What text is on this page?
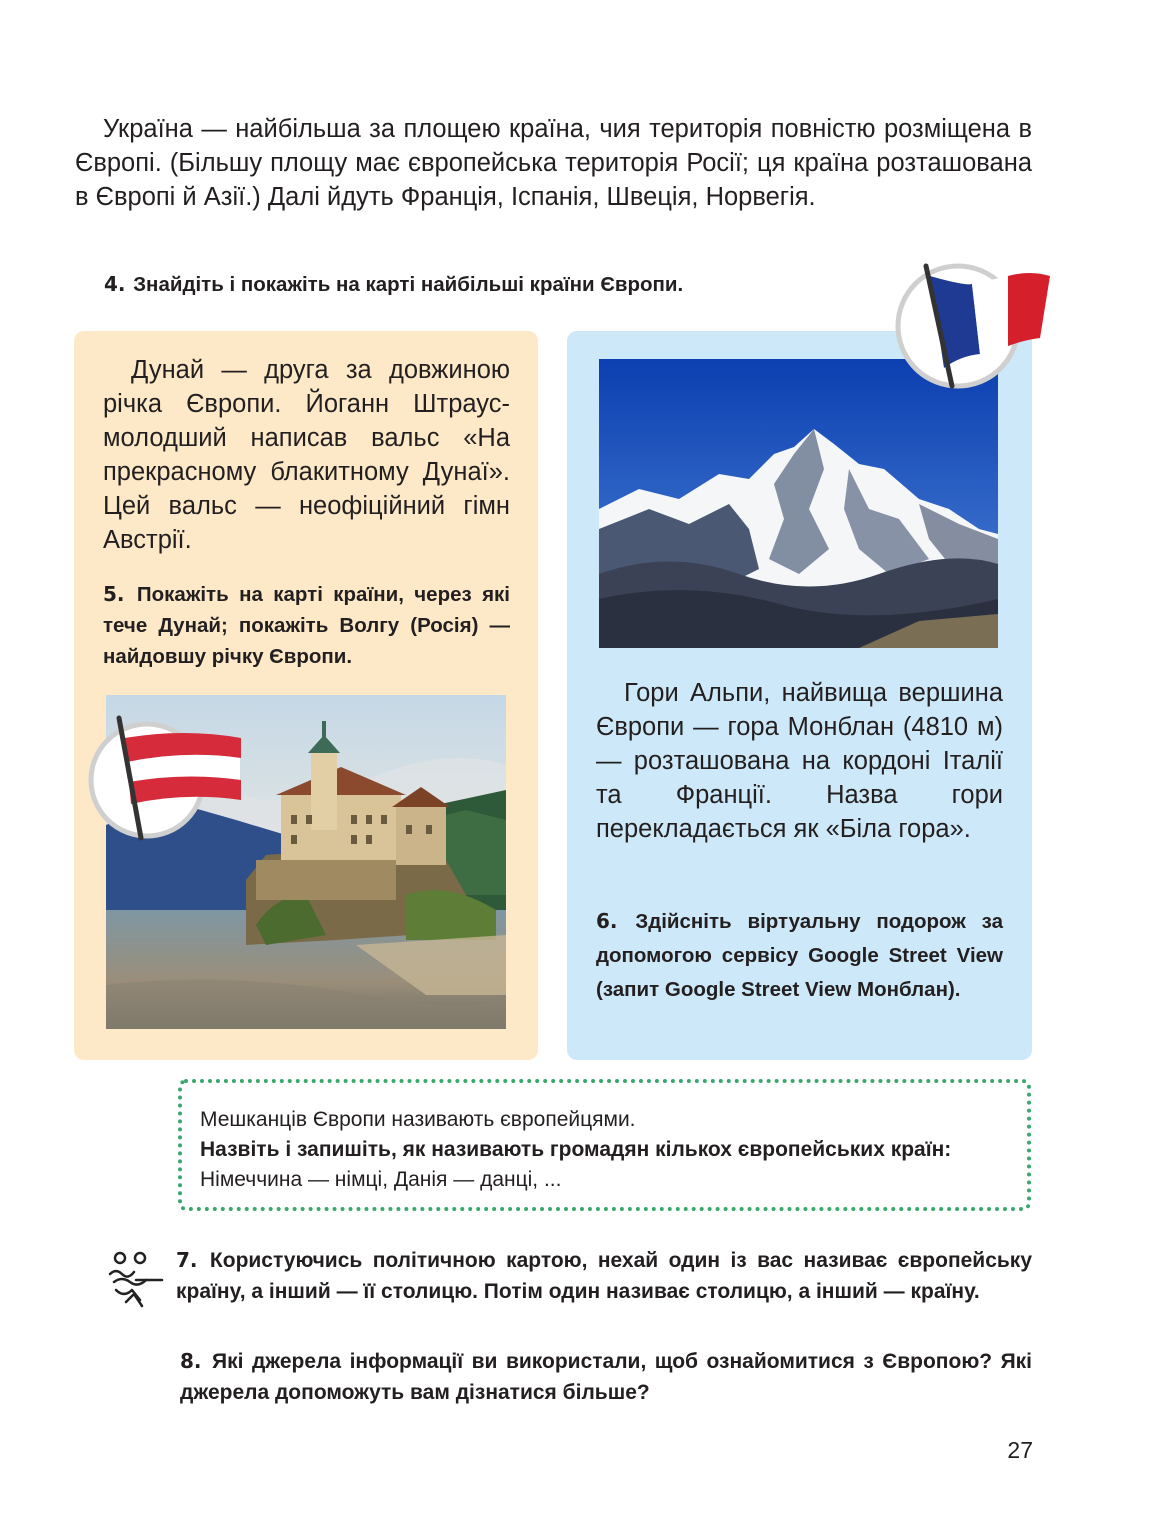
Україна — найбільша за площею країна, чия територія повністю розміщена в Європі. (Більшу площу має європейська територія Росії; ця країна розташована в Європі й Азії.) Далі йдуть Франція, Іспанія, Швеція, Норвегія.

4. Знайдіть і покажіть на карті найбільші країни Європи.

Дунай — друга за довжиною річка Європи. Йоганн Штраус-молодший написав вальс «На прекрасному блакитному Дунаї». Цей вальс — неофіційний гімн Австрії.

5. Покажіть на карті країни, через які тече Дунай; покажіть Волгу (Росія) — найдовшу річку Європи.

Гори Альпи, найвища вершина Європи — гора Монблан (4810 м) — розташована на кордоні Італії та Франції. Назва гори перекладається як «Біла гора».

6. Здійсніть віртуальну подорож за допомогою сервісу Google Street View (запит Google Street View Монблан).
Мешканців Європи називають європейцями.
Назвіть і запишіть, як називають громадян кількох європейських країн: Німеччина — німці, Данія — данці, ...
7. Користуючись політичною картою, нехай один із вас називає європейську країну, а інший — її столицю. Потім один називає столицю, а інший — країну.
8. Які джерела інформації ви використали, щоб ознайомитися з Європою? Які джерела допоможуть вам дізнатися більше?
27
